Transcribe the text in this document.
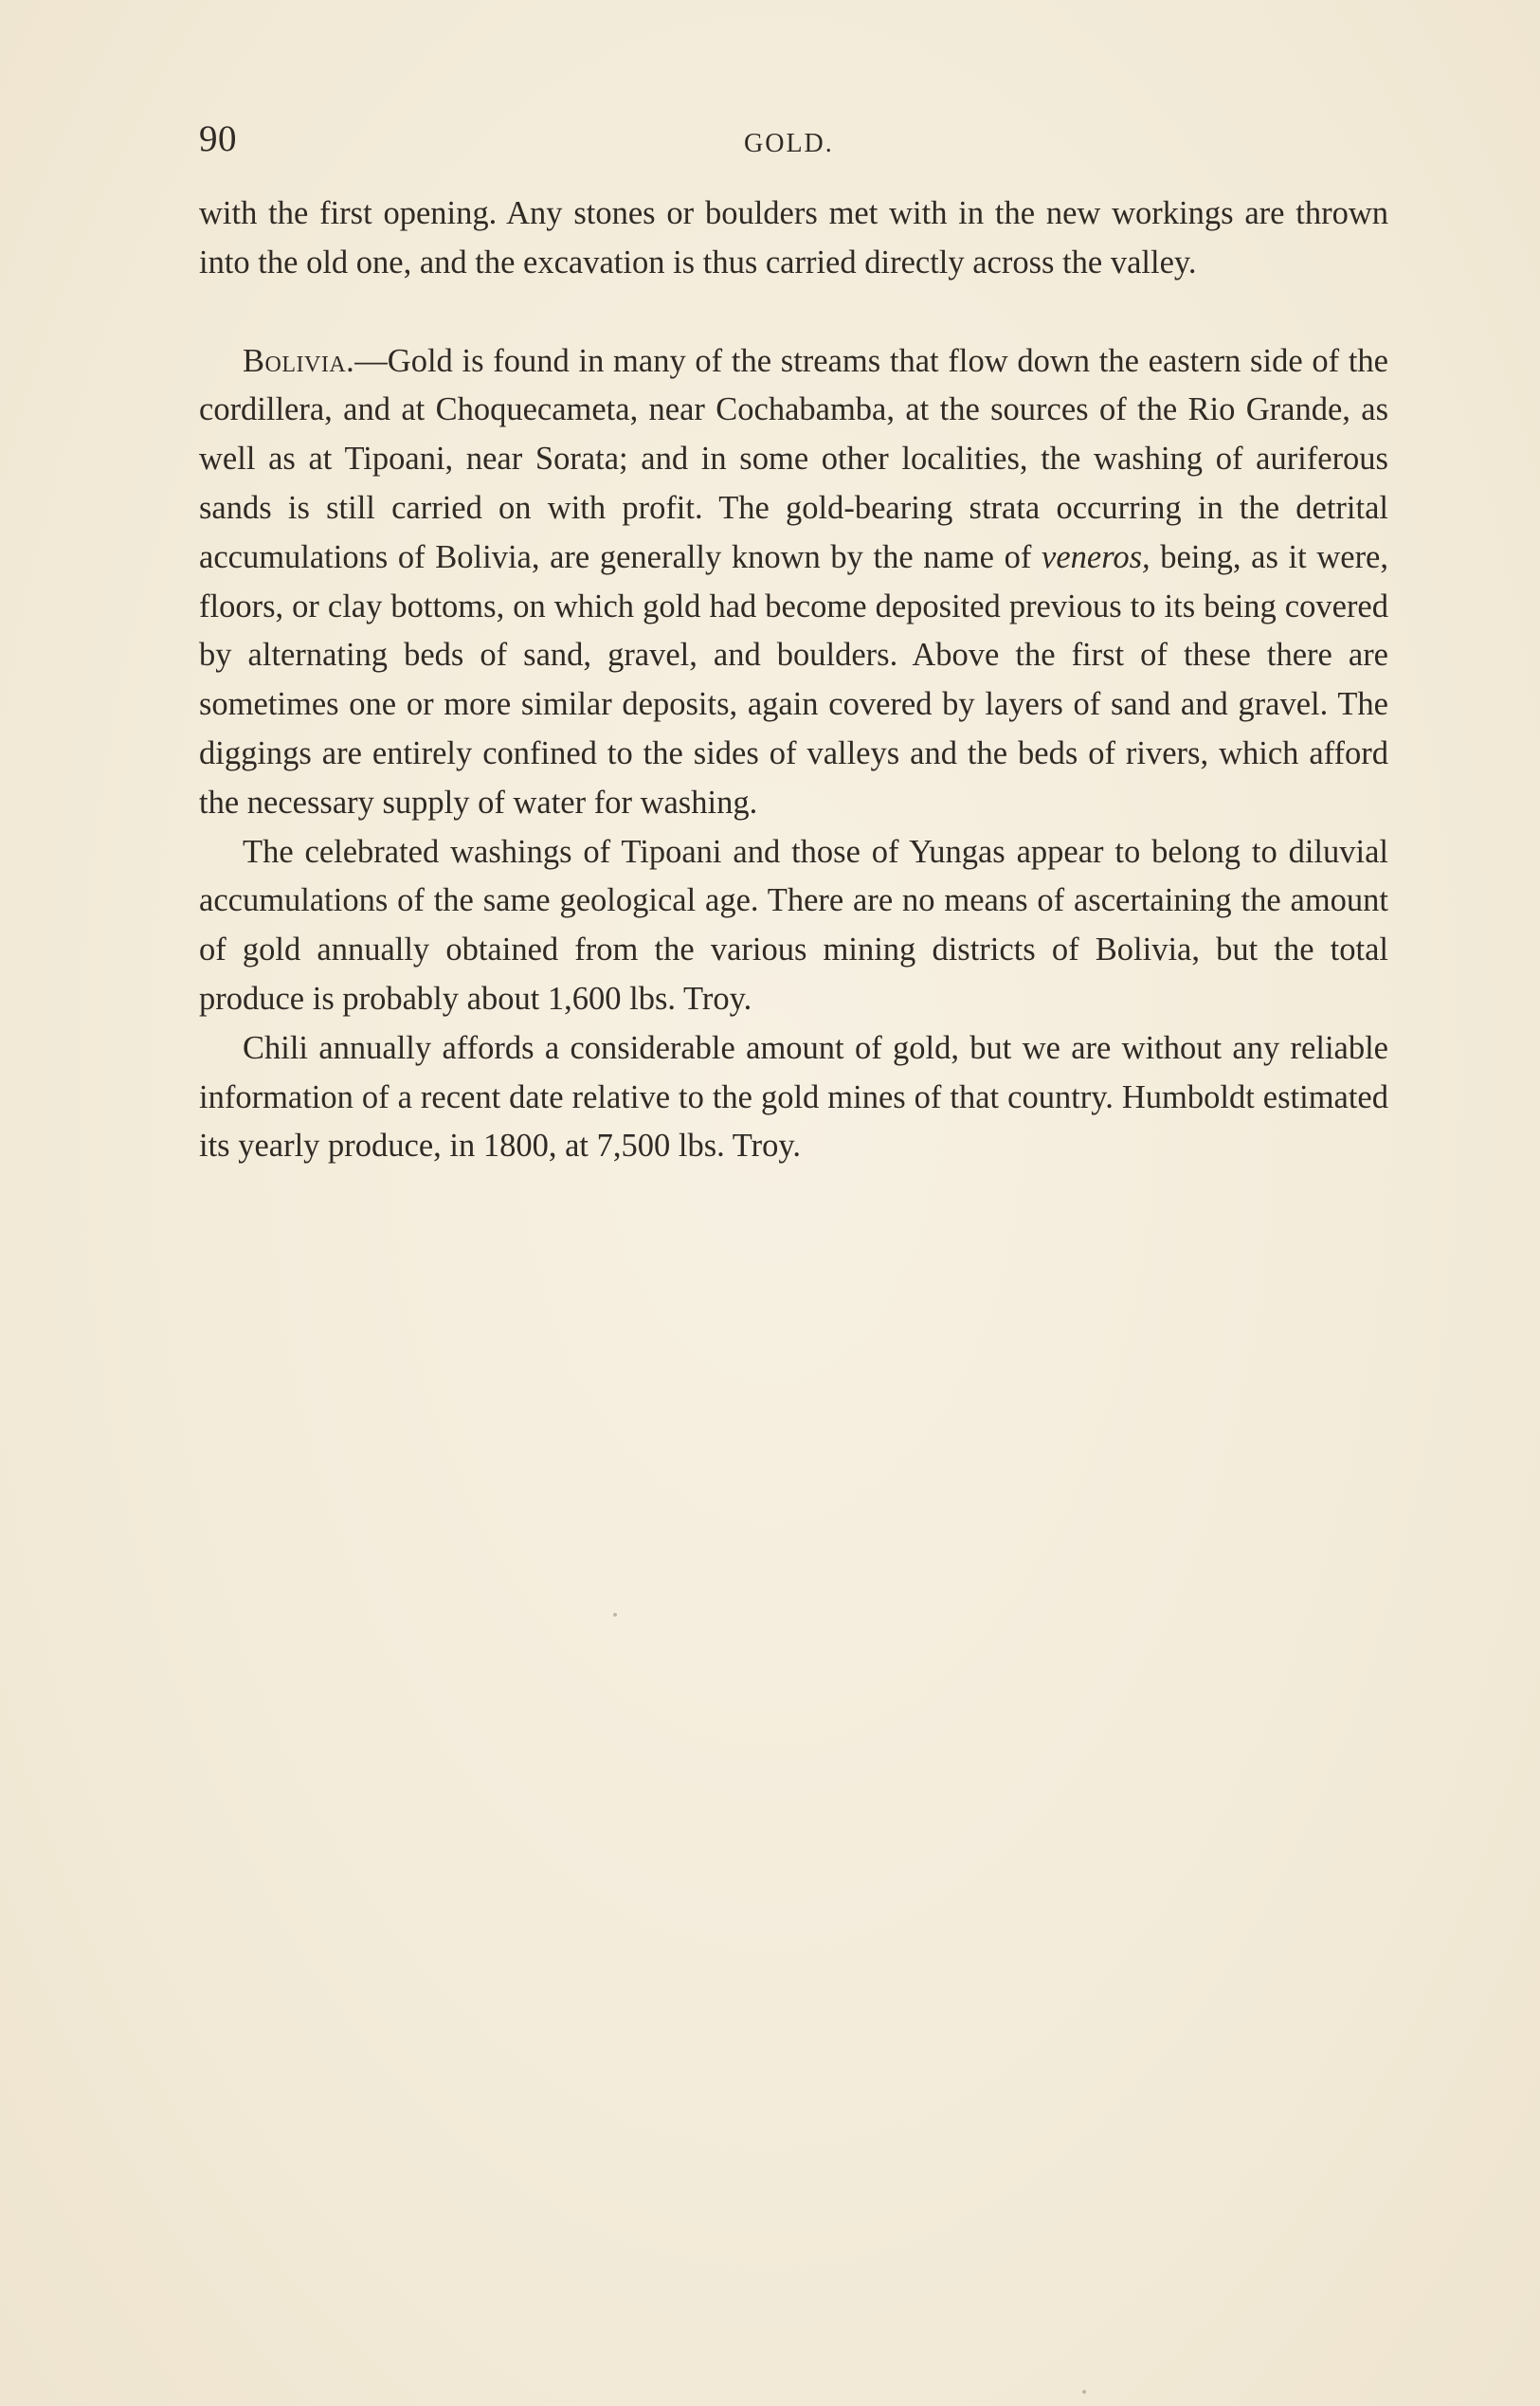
90	GOLD.

with the first opening. Any stones or boulders met with in the new workings are thrown into the old one, and the excavation is thus carried directly across the valley.

Bolivia.—Gold is found in many of the streams that flow down the eastern side of the cordillera, and at Choquecameta, near Cochabamba, at the sources of the Rio Grande, as well as at Tipoani, near Sorata; and in some other localities, the washing of auriferous sands is still carried on with profit. The gold-bearing strata occurring in the detrital accumulations of Bolivia, are generally known by the name of veneros, being, as it were, floors, or clay bottoms, on which gold had become deposited previous to its being covered by alternating beds of sand, gravel, and boulders. Above the first of these there are sometimes one or more similar deposits, again covered by layers of sand and gravel. The diggings are entirely confined to the sides of valleys and the beds of rivers, which afford the necessary supply of water for washing.

The celebrated washings of Tipoani and those of Yungas appear to belong to diluvial accumulations of the same geological age. There are no means of ascertaining the amount of gold annually obtained from the various mining districts of Bolivia, but the total produce is probably about 1,600 lbs. Troy.

Chili annually affords a considerable amount of gold, but we are without any reliable information of a recent date relative to the gold mines of that country. Humboldt estimated its yearly produce, in 1800, at 7,500 lbs. Troy.
